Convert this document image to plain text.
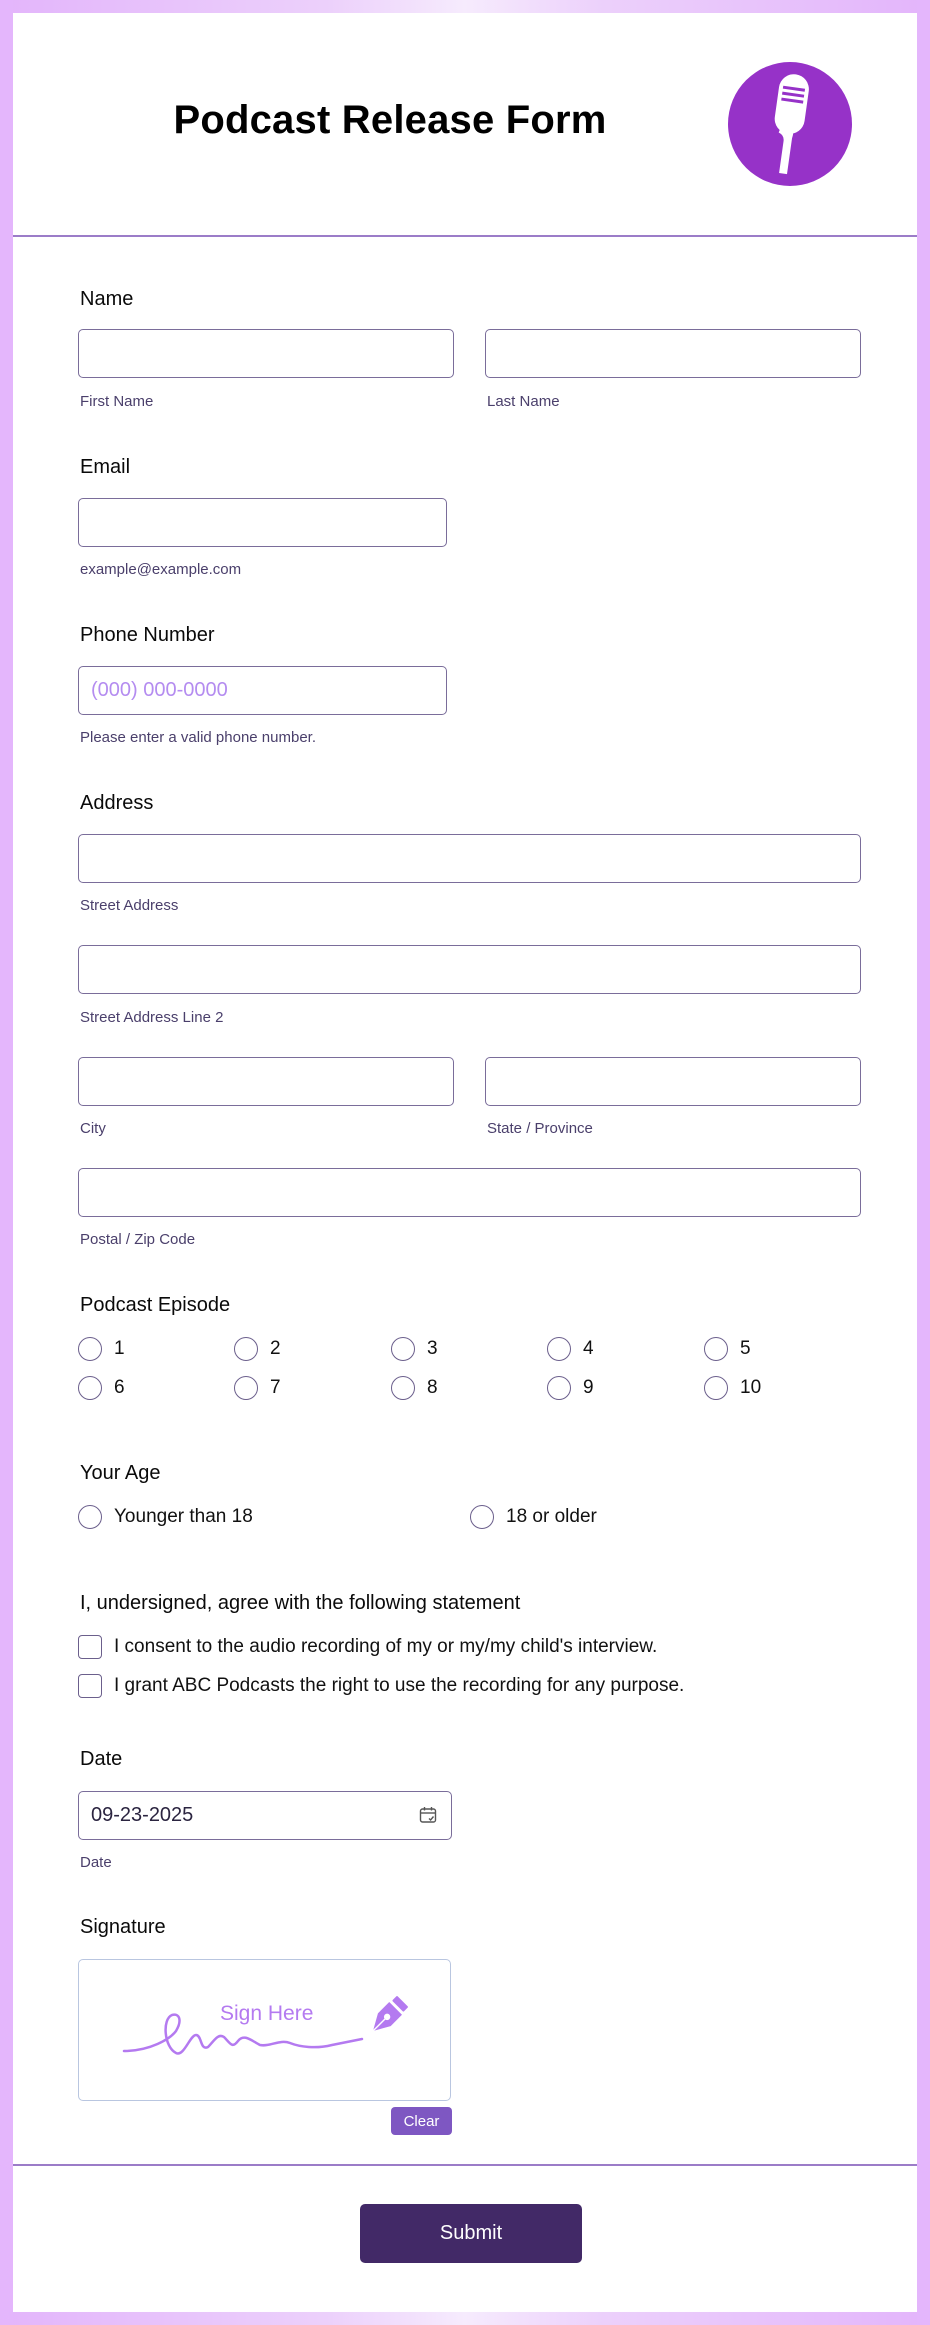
Podcast Release Form
Name
First Name	Last Name
Email
example@example.com
Phone Number
(000) 000-0000
Please enter a valid phone number.
Address
Street Address
Street Address Line 2
City	State / Province
Postal / Zip Code
Podcast Episode
1	2	3	4	5
6	7	8	9	10
Your Age
Younger than 18	18 or older
I, undersigned, agree with the following statement
I consent to the audio recording of my or my/my child's interview.
I grant ABC Podcasts the right to use the recording for any purpose.
Date
09-23-2025
Date
Signature
Sign Here
Clear
Submit
